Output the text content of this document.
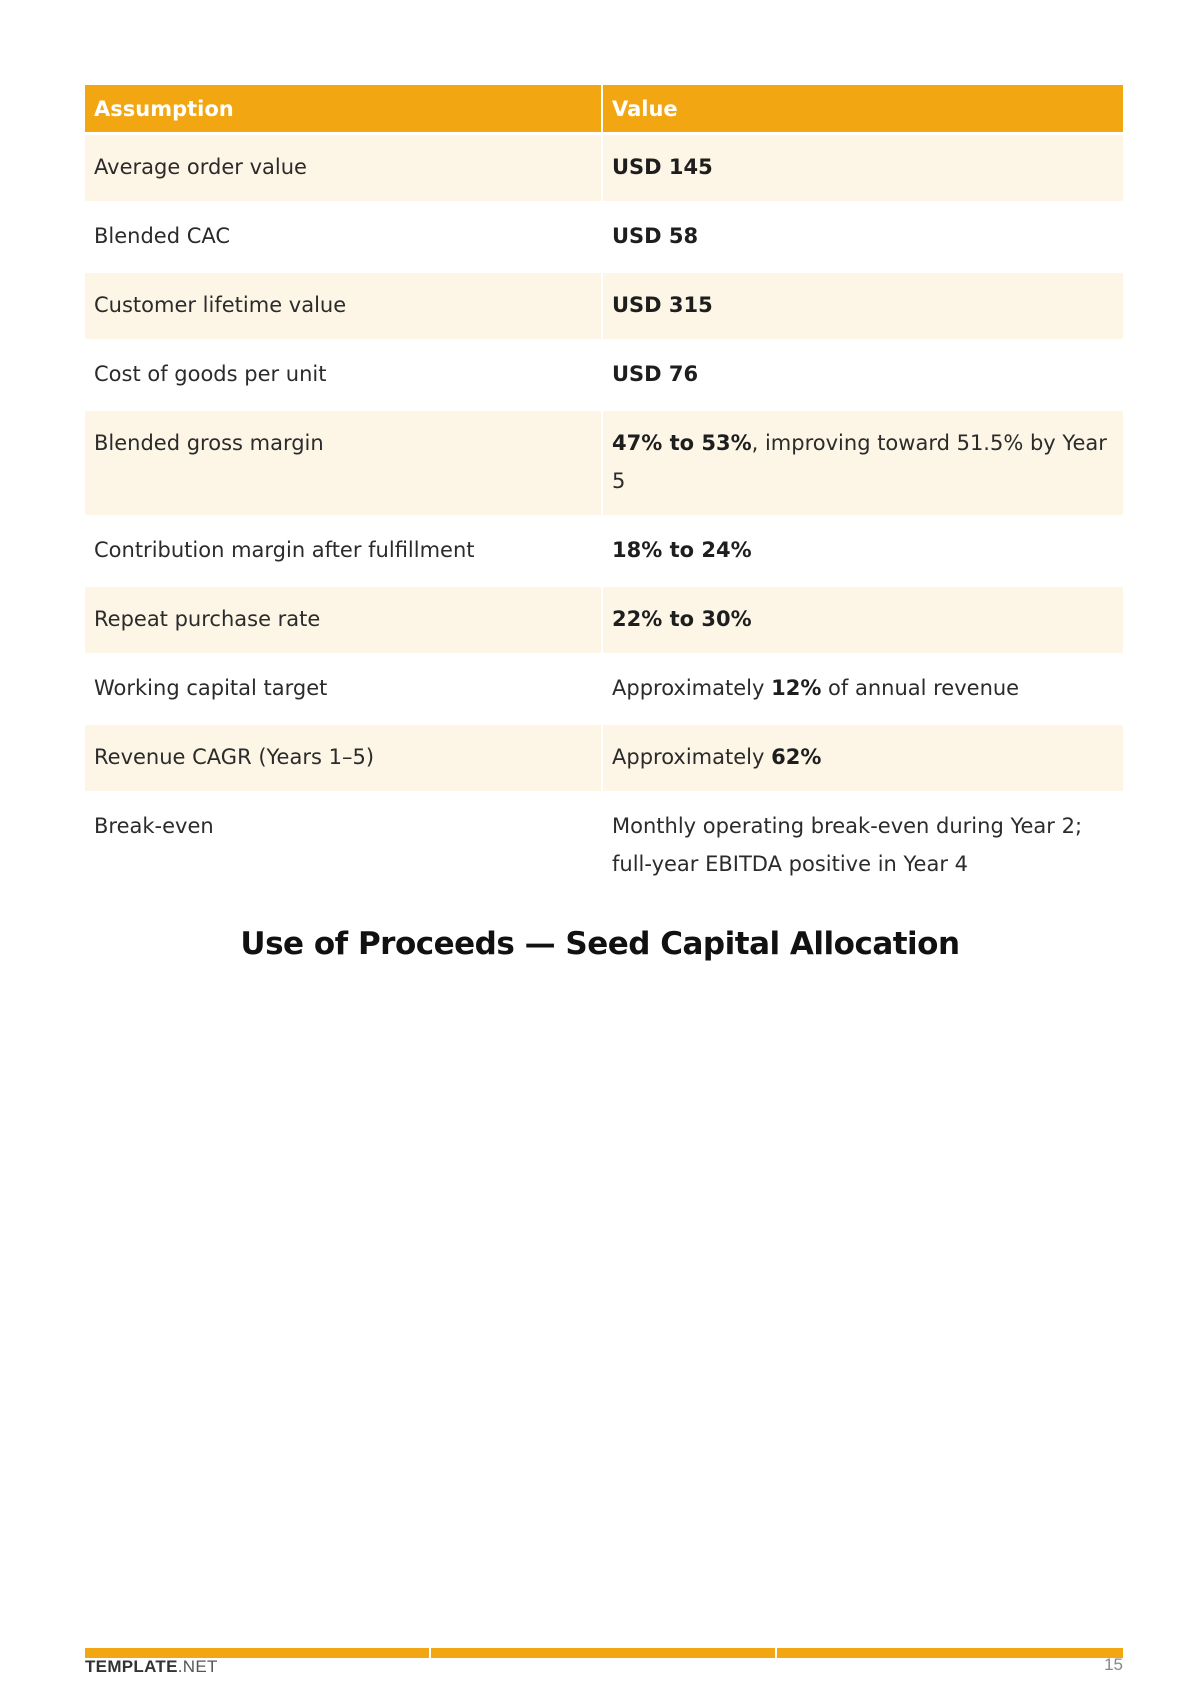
Assumption	Value
Average order value	USD 145
Blended CAC	USD 58
Customer lifetime value	USD 315
Cost of goods per unit	USD 76
Blended gross margin	47% to 53%, improving toward 51.5% by Year 5
Contribution margin after fulfillment	18% to 24%
Repeat purchase rate	22% to 30%
Working capital target	Approximately 12% of annual revenue
Revenue CAGR (Years 1–5)	Approximately 62%
Break-even	Monthly operating break-even during Year 2; full-year EBITDA positive in Year 4
Use of Proceeds — Seed Capital Allocation
TEMPLATE.NET	15
